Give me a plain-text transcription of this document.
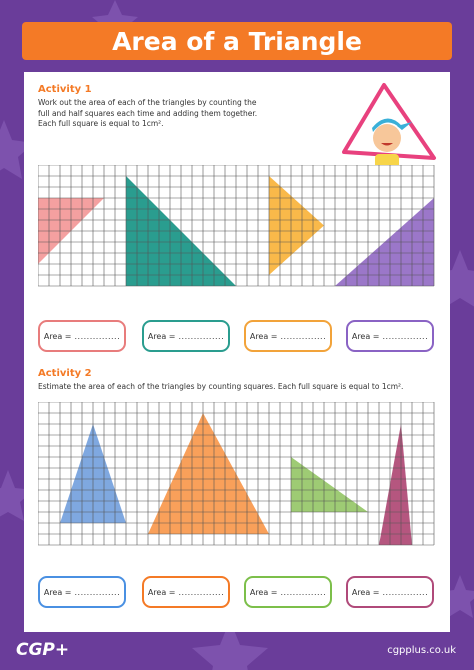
Area of a Triangle
Activity 1
Work out the area of each of the triangles by counting the
full and half squares each time and adding them together.
Each full square is equal to 1cm².
Area = ...............	Area = ...............	Area = ...............	Area = ...............
Activity 2
Estimate the area of each of the triangles by counting squares. Each full square is equal to 1cm².
Area = ...............	Area = ...............	Area = ...............	Area = ...............
CGP+	cgpplus.co.uk
